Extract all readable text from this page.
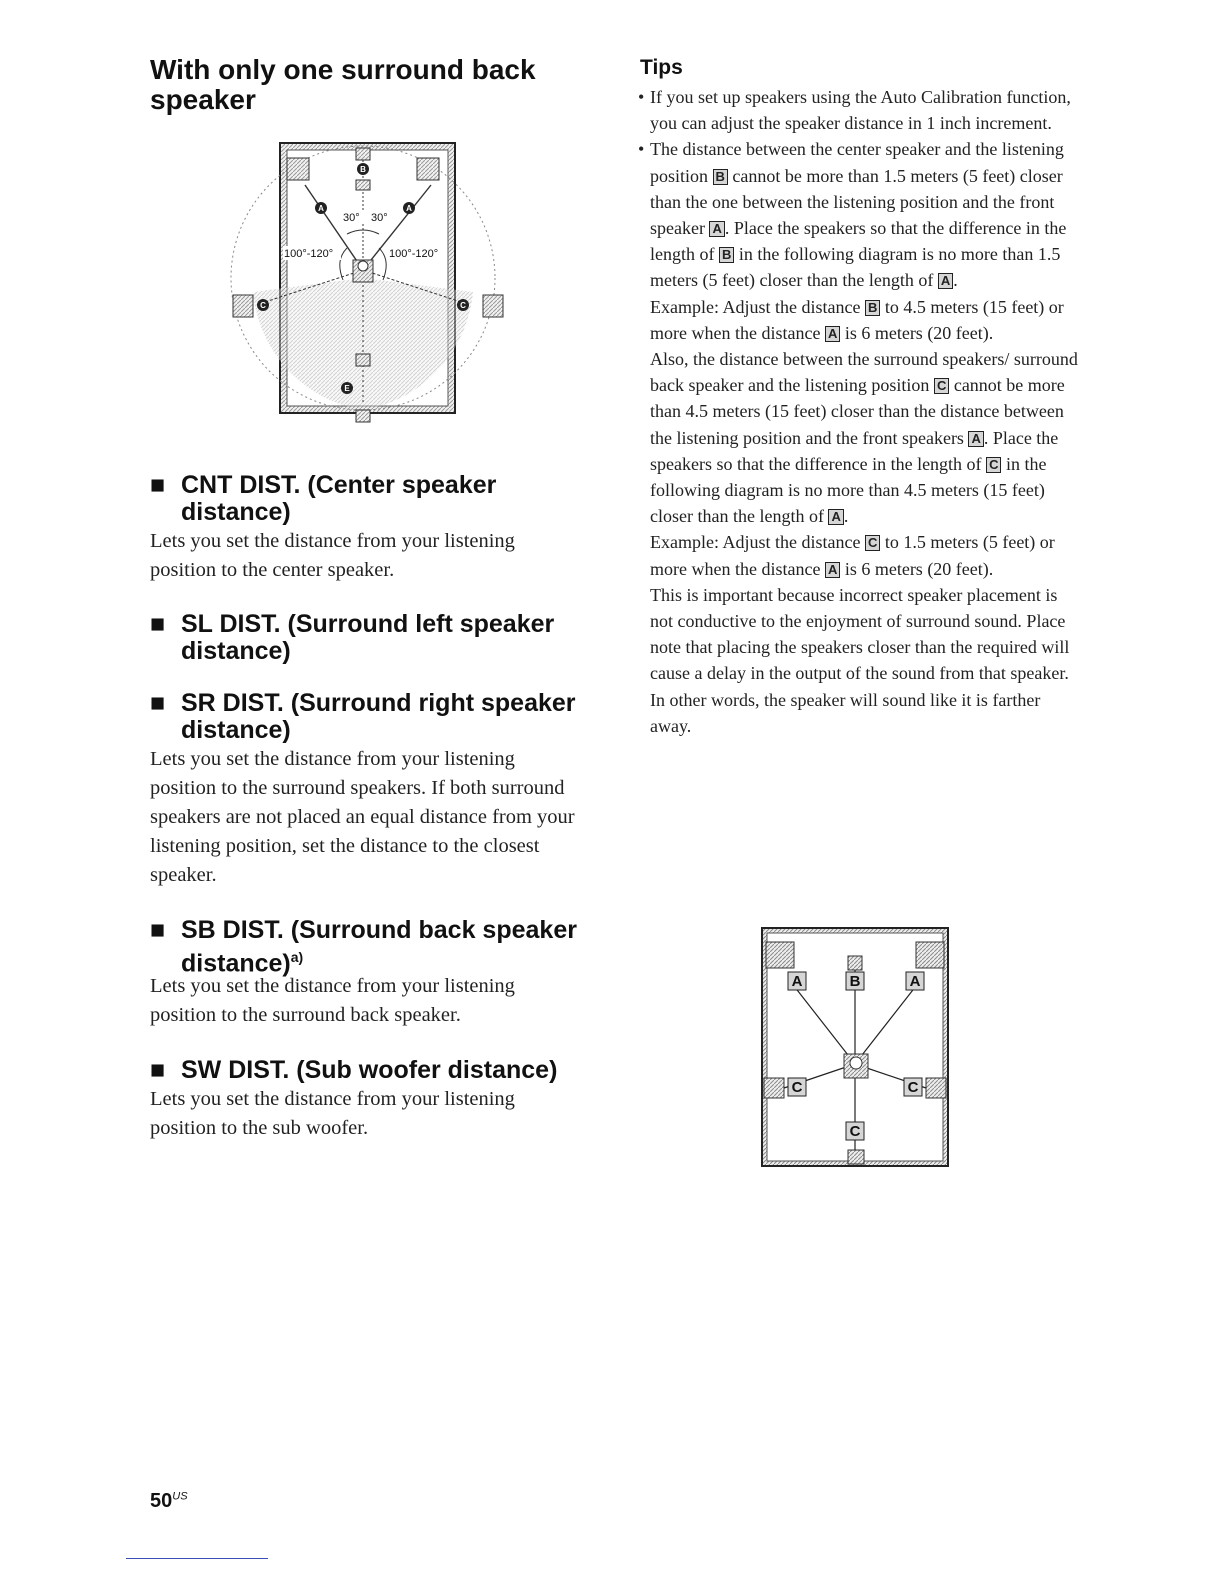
With only one surround back speaker
B
A	A
C	C
E
30° 30°
100°-120°	100°-120°
■ CNT DIST. (Center speaker distance)
Lets you set the distance from your listening position to the center speaker.
■ SL DIST. (Surround left speaker distance)
■ SR DIST. (Surround right speaker distance)
Lets you set the distance from your listening position to the surround speakers. If both surround speakers are not placed an equal distance from your listening position, set the distance to the closest speaker.
■ SB DIST. (Surround back speaker distance)$^{a)}$
Lets you set the distance from your listening position to the surround back speaker.
■ SW DIST. (Sub woofer distance)
Lets you set the distance from your listening position to the sub woofer.
Tips

• If you set up speakers using the Auto Calibration function, you can adjust the speaker distance in 1 inch increment.

• The distance between the center speaker and the listening position B cannot be more than 1.5 meters (5 feet) closer than the one between the listening position and the front speaker A . Place the speakers so that the difference in the length of B in the following diagram is no more than 1.5 meters (5 feet) closer than the length of A .

Example: Adjust the distance B to 4.5 meters (15 feet) or more when the distance A is 6 meters (20 feet).

Also, the distance between the surround speakers/ surround back speaker and the listening position C cannot be more than 4.5 meters (15 feet) closer than the distance between the listening position and the front speakers A . Place the speakers so that the difference in the length of C in the following diagram is no more than 4.5 meters (15 feet) closer than the length of A .

Example: Adjust the distance C to 1.5 meters (5 feet) or more when the distance A is 6 meters (20 feet).

This is important because incorrect speaker placement is not conductive to the enjoyment of surround sound. Place note that placing the speakers closer than the required will cause a delay in the output of the sound from that speaker. In other words, the speaker will sound like it is farther away.

A	B	A
C	C
C
$50^{US}$
